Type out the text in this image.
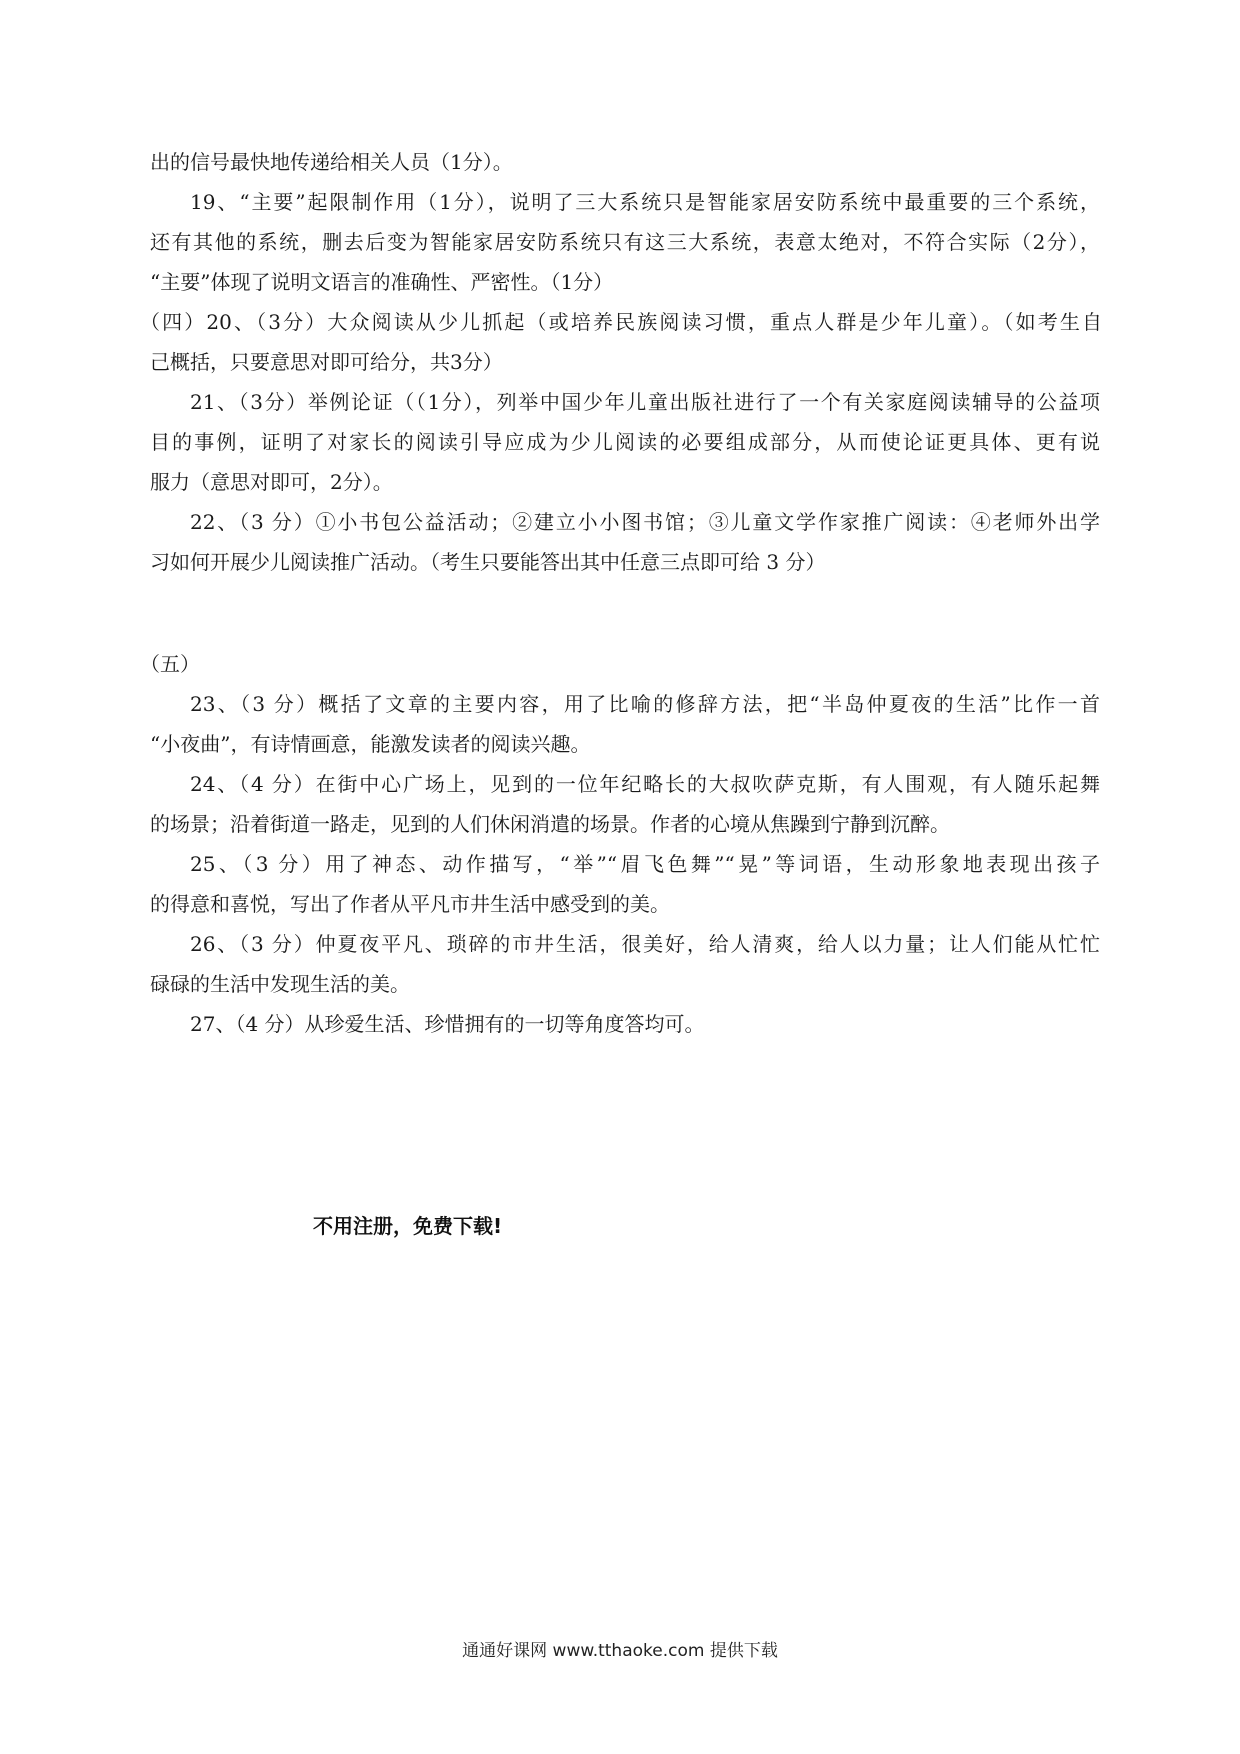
出的信号最快地传递给相关人员（1分）。
19、“主要”起限制作用（1分），说明了三大系统只是智能家居安防系统中最重要的三个系统，
还有其他的系统，删去后变为智能家居安防系统只有这三大系统，表意太绝对，不符合实际（2分），
“主要”体现了说明文语言的准确性、严密性。（1分）
（四）20、（3分）大众阅读从少儿抓起（或培养民族阅读习惯，重点人群是少年儿童）。（如考生自
己概括，只要意思对即可给分，共3分）
21、（3分）举例论证（（1分），列举中国少年儿童出版社进行了一个有关家庭阅读辅导的公益项
目的事例，证明了对家长的阅读引导应成为少儿阅读的必要组成部分，从而使论证更具体、更有说
服力（意思对即可，2分）。
22、（3 分）①小书包公益活动；②建立小小图书馆；③儿童文学作家推广阅读：④老师外出学
习如何开展少儿阅读推广活动。（考生只要能答出其中任意三点即可给 3 分）
（五）
23、（3 分）概括了文章的主要内容，用了比喻的修辞方法，把“半岛仲夏夜的生活”比作一首
“小夜曲”，有诗情画意，能激发读者的阅读兴趣。
24、（4 分）在街中心广场上，见到的一位年纪略长的大叔吹萨克斯，有人围观，有人随乐起舞
的场景；沿着街道一路走，见到的人们休闲消遣的场景。作者的心境从焦躁到宁静到沉醉。
25、（3 分）用了神态、动作描写，“举”“眉飞色舞”“晃”等词语，生动形象地表现出孩子
的得意和喜悦，写出了作者从平凡市井生活中感受到的美。
26、（3 分）仲夏夜平凡、琐碎的市井生活，很美好，给人清爽，给人以力量；让人们能从忙忙
碌碌的生活中发现生活的美。
27、（4 分）从珍爱生活、珍惜拥有的一切等角度答均可。
不用注册，免费下载!
通通好课网 www.tthaoke.com 提供下载
